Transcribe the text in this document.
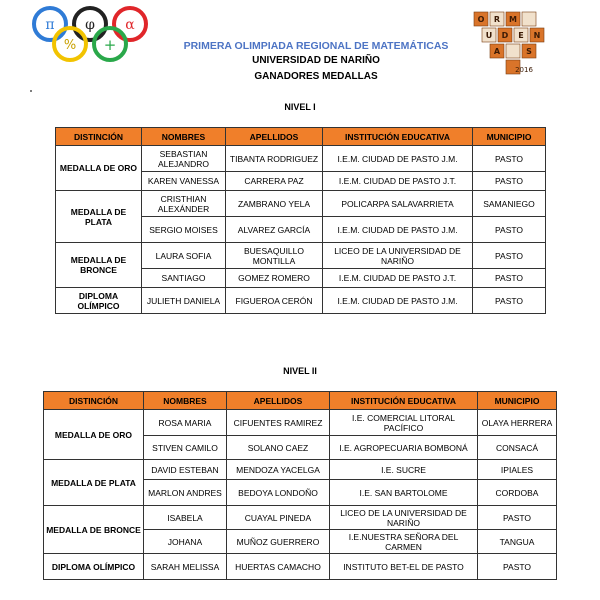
π φ α
% +
O R M
U D E N
A	S
2016
PRIMERA OLIMPIADA REGIONAL DE MATEMÁTICAS
UNIVERSIDAD DE NARIÑO
GANADORES MEDALLAS
NIVEL I
DISTINCIÓN	NOMBRES	APELLIDOS	INSTITUCIÓN EDUCATIVA	MUNICIPIO
MEDALLA DE ORO	SEBASTIAN ALEJANDRO	TIBANTA RODRIGUEZ	I.E.M. CIUDAD DE PASTO J.M.	PASTO
	KAREN VANESSA	CARRERA PAZ	I.E.M. CIUDAD DE PASTO J.T.	PASTO
MEDALLA DE PLATA	CRISTHIAN ALEXÁNDER	ZAMBRANO YELA	POLICARPA SALAVARRIETA	SAMANIEGO
	SERGIO MOISES	ALVAREZ GARCÍA	I.E.M. CIUDAD DE PASTO J.M.	PASTO
MEDALLA DE BRONCE	LAURA SOFIA	BUESAQUILLO MONTILLA	LICEO DE LA UNIVERSIDAD DE NARIÑO	PASTO
	SANTIAGO	GOMEZ ROMERO	I.E.M. CIUDAD DE PASTO J.T.	PASTO
DIPLOMA OLÍMPICO	JULIETH DANIELA	FIGUEROA CERÓN	I.E.M. CIUDAD DE PASTO J.M.	PASTO
NIVEL II
DISTINCIÓN	NOMBRES	APELLIDOS	INSTITUCIÓN EDUCATIVA	MUNICIPIO
MEDALLA DE ORO	ROSA MARIA	CIFUENTES RAMIREZ	I.E. COMERCIAL LITORAL PACÍFICO	OLAYA HERRERA
	STIVEN CAMILO	SOLANO CAEZ	I.E. AGROPECUARIA BOMBONÁ	CONSACÁ
MEDALLA DE PLATA	DAVID ESTEBAN	MENDOZA YACELGA	I.E. SUCRE	IPIALES
	MARLON ANDRES	BEDOYA LONDOÑO	I.E. SAN BARTOLOME	CORDOBA
MEDALLA DE BRONCE	ISABELA	CUAYAL PINEDA	LICEO DE LA UNIVERSIDAD DE NARIÑO	PASTO
	JOHANA	MUÑOZ GUERRERO	I.E.NUESTRA SEÑORA DEL CARMEN	TANGUA
DIPLOMA OLÍMPICO	SARAH MELISSA	HUERTAS CAMACHO	INSTITUTO BET-EL DE PASTO	PASTO
